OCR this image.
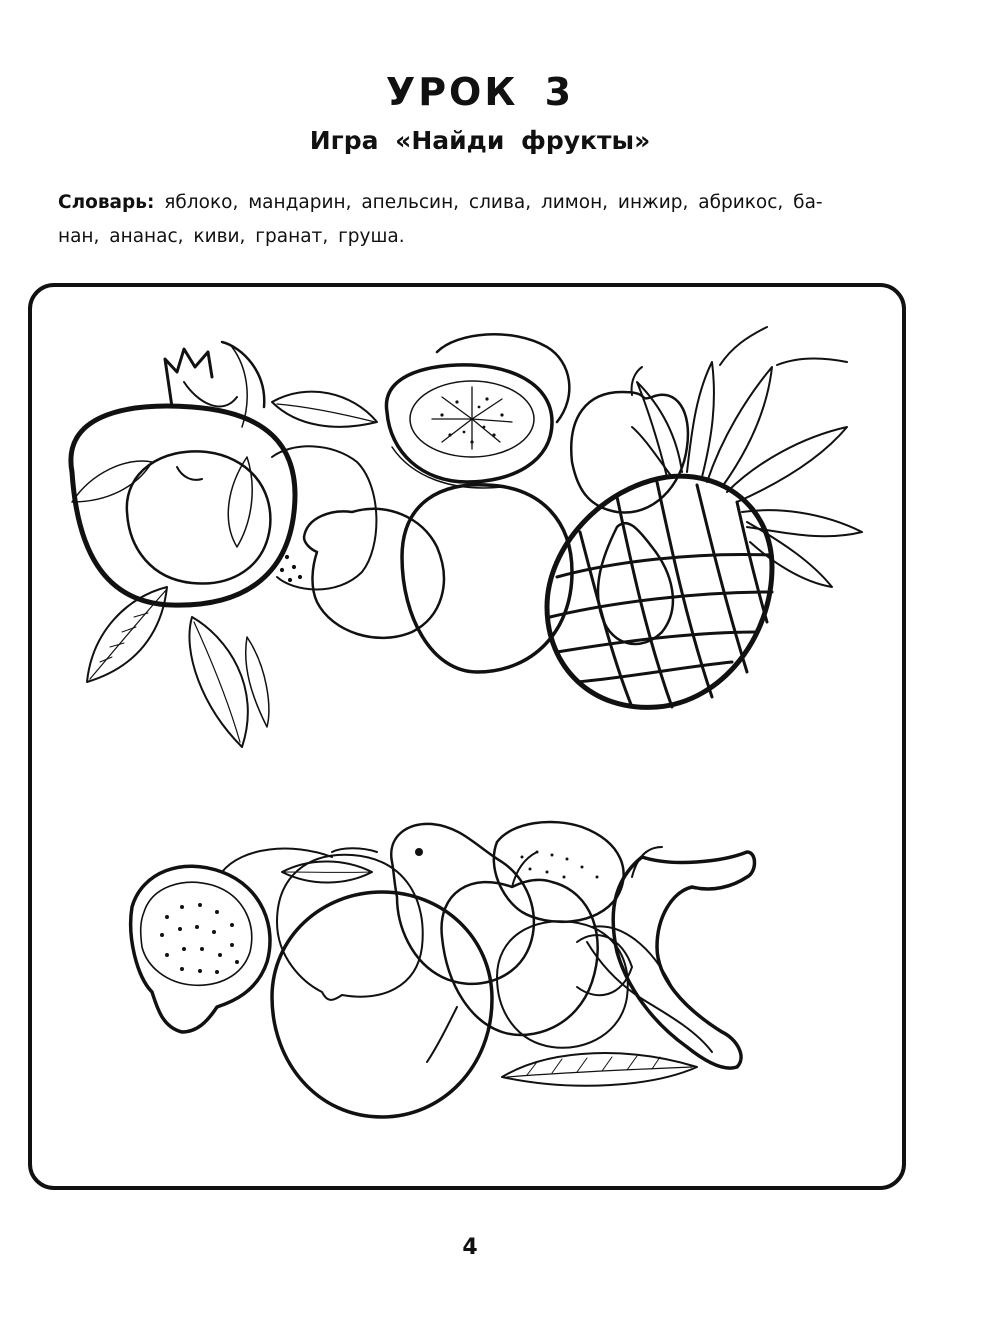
УРОК 3
Игра «Найди фрукты»
Словарь: яблоко, мандарин, апельсин, слива, лимон, инжир, абрикос, ба-
нан, ананас, киви, гранат, груша.
4
